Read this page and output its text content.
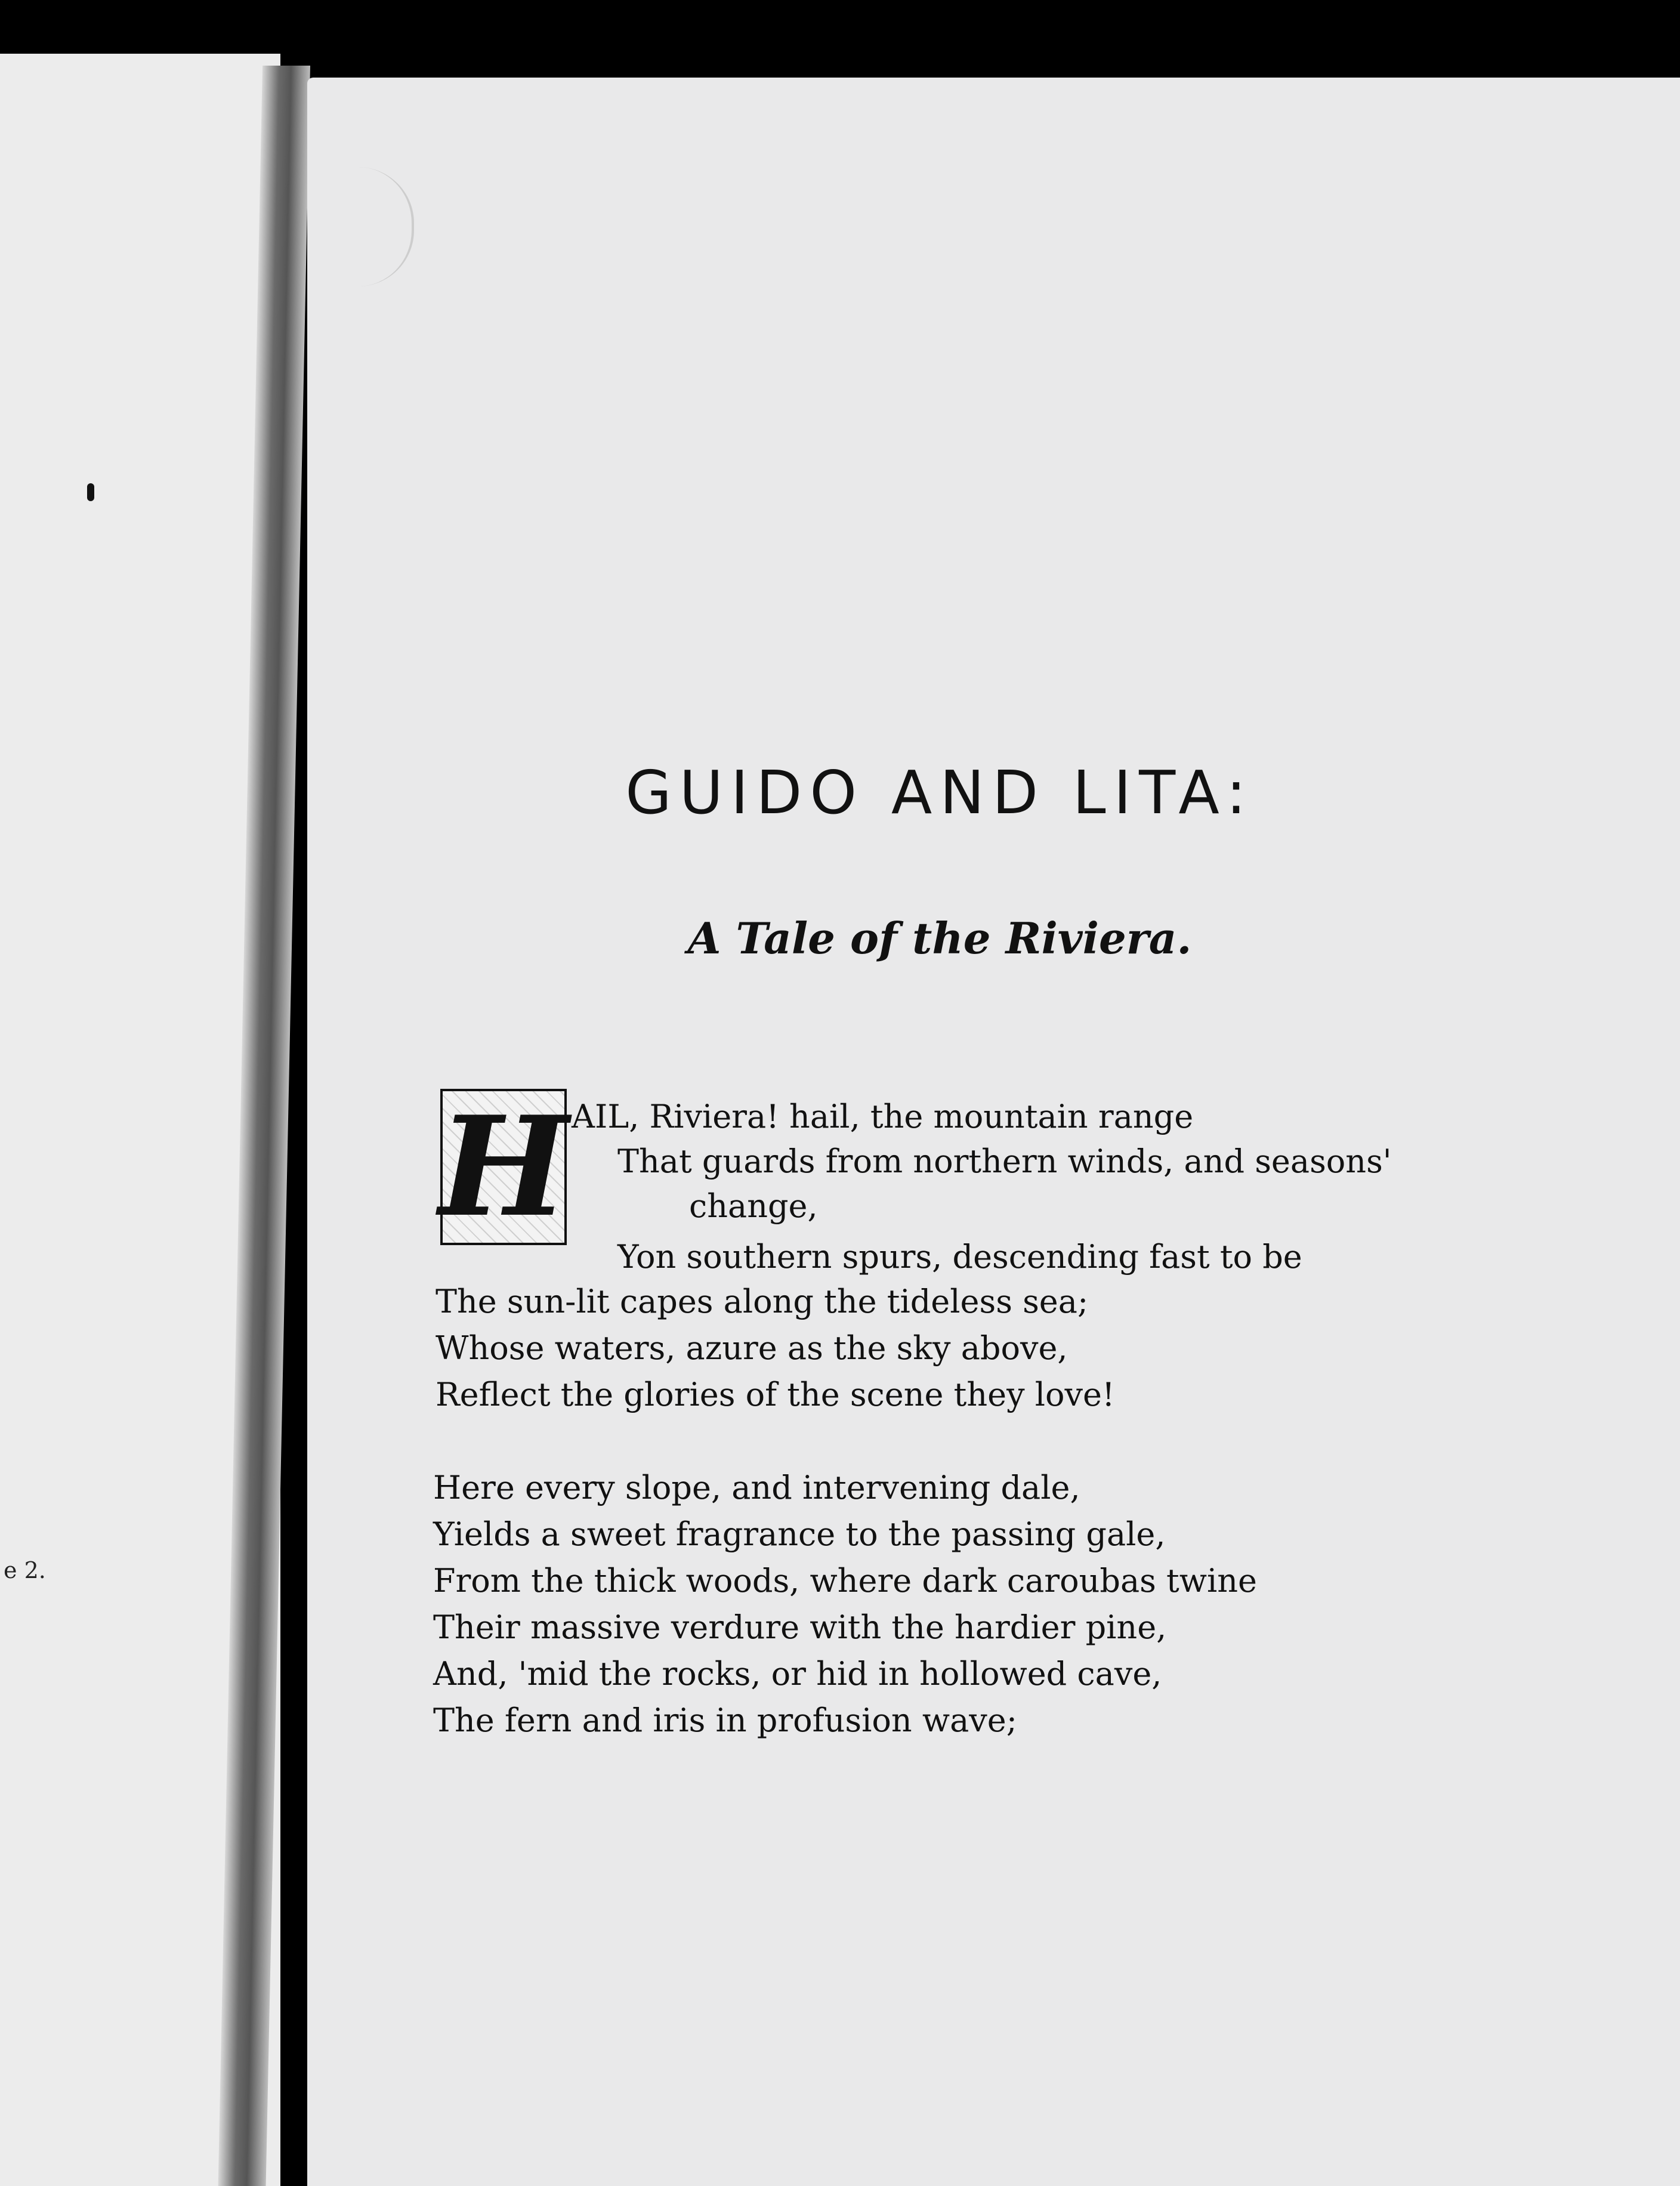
e 2.
GUIDO AND LITA:
A Tale of the Riviera.
H AIL, Riviera! hail, the mountain range
That guards from northern winds, and seasons'
change,
Yon southern spurs, descending fast to be
The sun-lit capes along the tideless sea;
Whose waters, azure as the sky above,
Reflect the glories of the scene they love!
Here every slope, and intervening dale,
Yields a sweet fragrance to the passing gale,
From the thick woods, where dark caroubas twine
Their massive verdure with the hardier pine,
And, 'mid the rocks, or hid in hollowed cave,
The fern and iris in profusion wave;
